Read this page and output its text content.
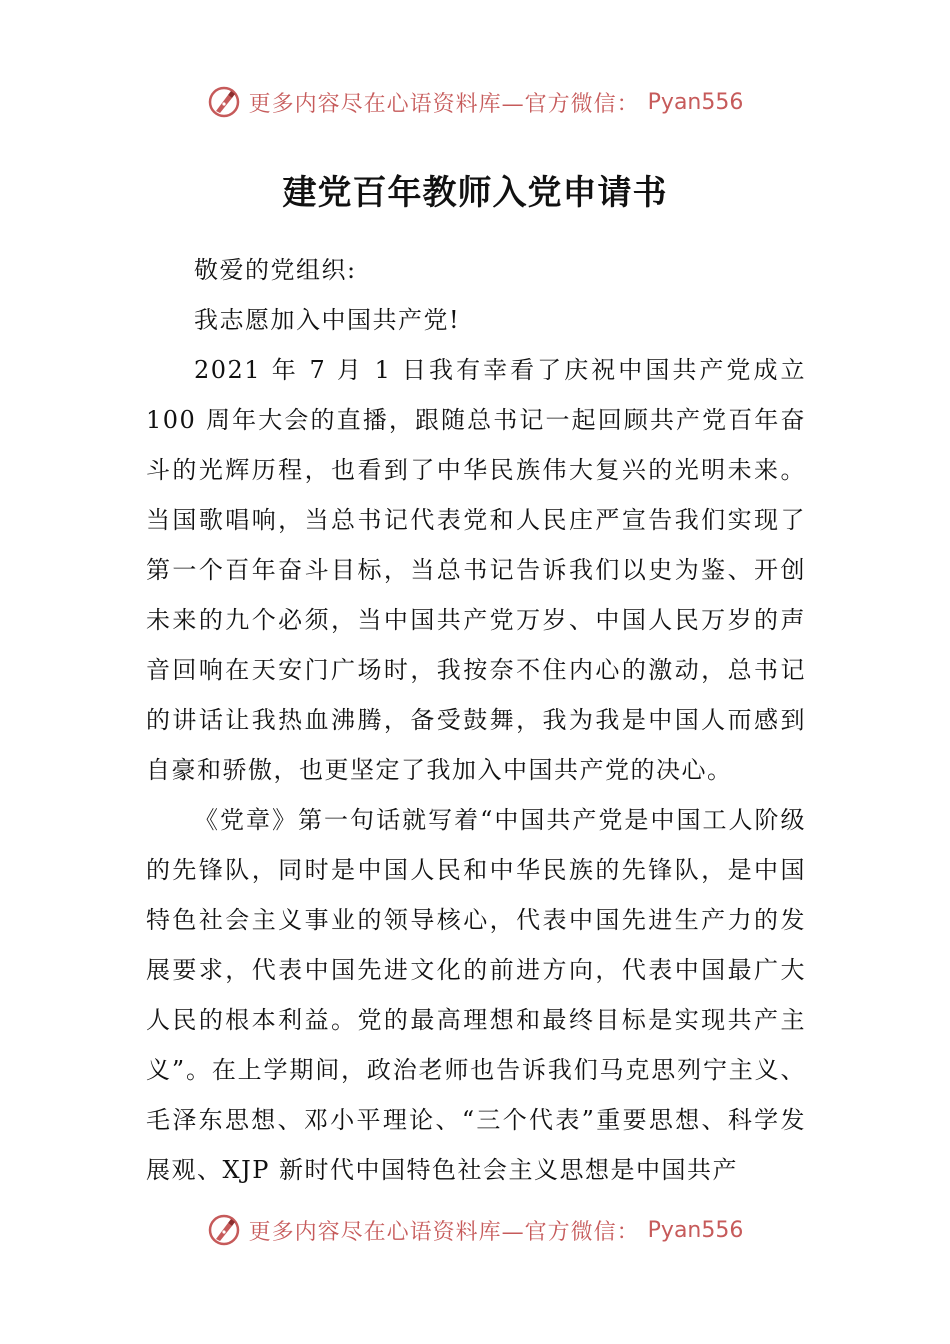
更多内容尽在心语资料库—官方微信： Pyan556
建党百年教师入党申请书

敬爱的党组织:

我志愿加入中国共产党!

2021 年 7 月 1 日我有幸看了庆祝中国共产党成立 100 周年大会的直播，跟随总书记一起回顾共产党百年奋斗的光辉历程，也看到了中华民族伟大复兴的光明未来。当国歌唱响，当总书记代表党和人民庄严宣告我们实现了第一个百年奋斗目标，当总书记告诉我们以史为鉴、开创未来的九个必须，当中国共产党万岁、中国人民万岁的声音回响在天安门广场时，我按奈不住内心的激动，总书记的讲话让我热血沸腾，备受鼓舞，我为我是中国人而感到自豪和骄傲，也更坚定了我加入中国共产党的决心。

《党章》第一句话就写着“中国共产党是中国工人阶级的先锋队，同时是中国人民和中华民族的先锋队，是中国特色社会主义事业的领导核心，代表中国先进生产力的发展要求，代表中国先进文化的前进方向，代表中国最广大人民的根本利益。党的最高理想和最终目标是实现共产主义”。在上学期间，政治老师也告诉我们马克思列宁主义、毛泽东思想、邓小平理论、“三个代表”重要思想、科学发展观、XJP 新时代中国特色社会主义思想是中国共产

更多内容尽在心语资料库—官方微信： Pyan556
